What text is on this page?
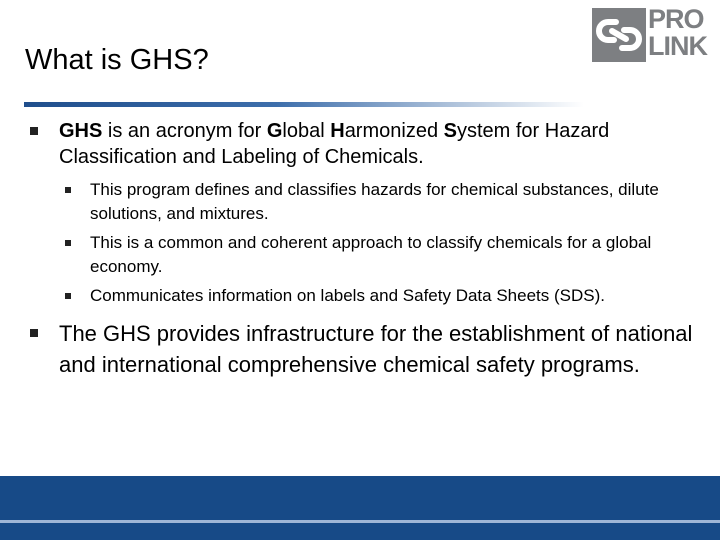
What is GHS?
PRO
LINK
GHS is an acronym for Global Harmonized System for Hazard Classification and Labeling of Chemicals.
This program defines and classifies hazards for chemical substances, dilute solutions, and mixtures.
This is a common and coherent approach to classify chemicals for a global economy.
Communicates information on labels and Safety Data Sheets (SDS).
The GHS provides infrastructure for the establishment of national and international comprehensive chemical safety programs.
